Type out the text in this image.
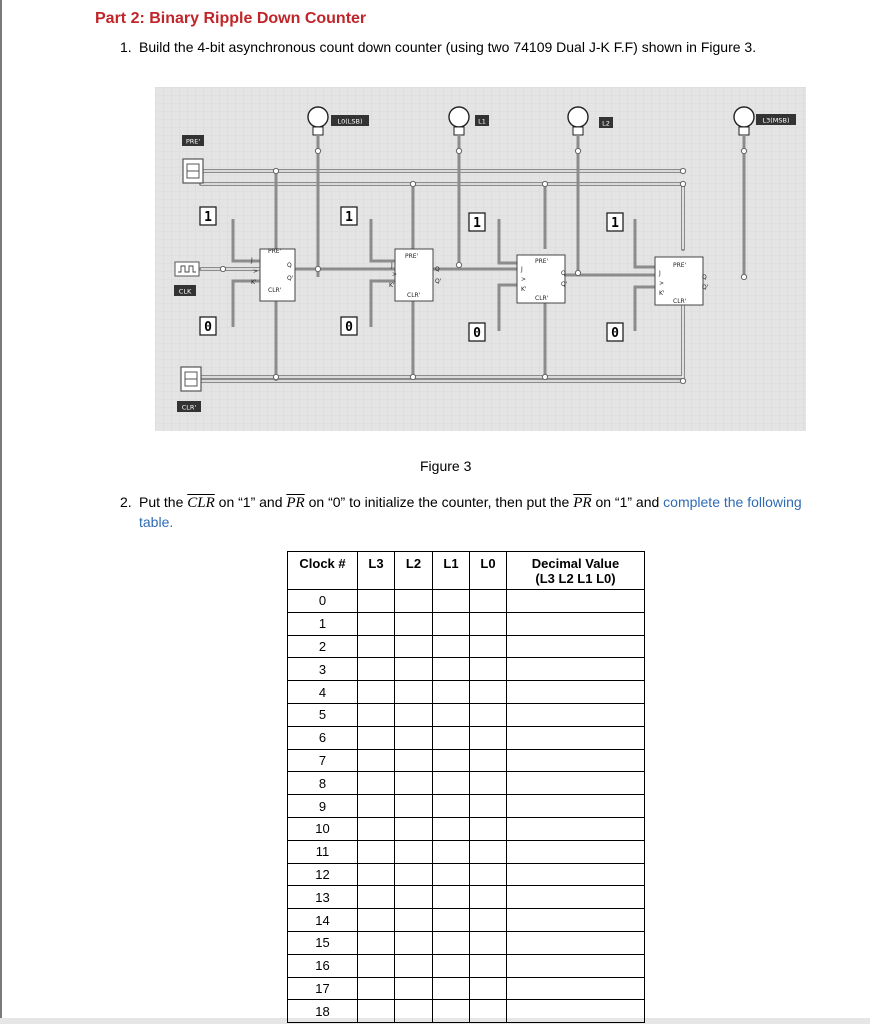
Part 2: Binary Ripple Down Counter
1. Build the 4-bit asynchronous count down counter (using two 74109 Dual J-K F.F) shown in Figure 3.
PRE'
CLK
CLR'
1	1	1	1
0	0	0	0
PRE'
J
>
K'
Q
Q'
CLR'
PRE'
J
>
K'
Q
Q'
CLR'
PRE'
J
>
K'
Q
Q'
CLR'
PRE'
J
>
K'
Q
Q'
CLR'
L0(LSB)	L1	L2	L3(MSB)
Figure 3
2. Put the $\overline{CLR}$ on “1” and $\overline{PR}$ on “0” to initialize the counter, then put the $\overline{PR}$ on “1” and complete the following table.
Clock #	L3	L2	L1	L0	Decimal Value
(L3 L2 L1 L0)
0					
1					
2					
3					
4					
5					
6					
7					
8					
9					
10					
11					
12					
13					
14					
15					
16					
17					
18					
